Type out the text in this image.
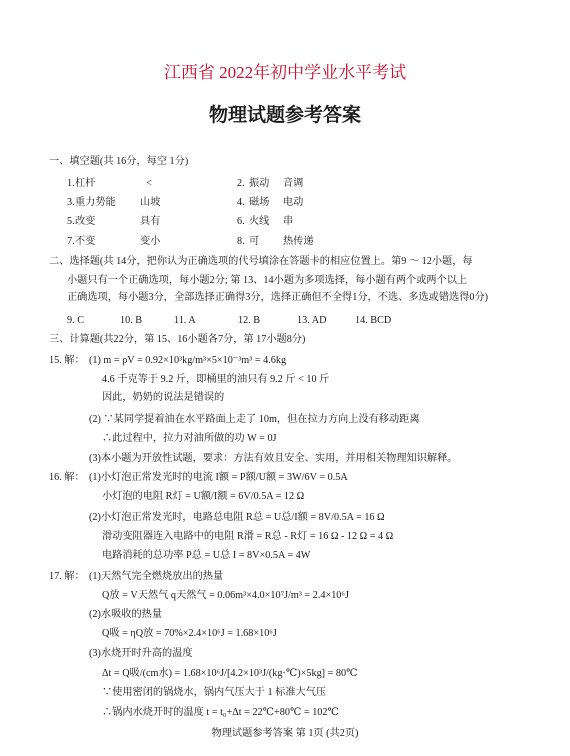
江西省 2022年初中学业水平考试
物理试题参考答案
一、填空题(共 16分，每空 1分)
1. 杠杆	<	2. 振动 音调
3. 重力势能 山坡	4. 磁场 电动
5. 改变	具有	6. 火线 串
7. 不变	变小	8. 可 热传递
二、选择题(共 14分，把你认为正确选项的代号填涂在答题卡的相应位置上。第9 ～ 12小题，每
小题只有一个正确选项，每小题2分; 第 13、14小题为多项选择，每小题有两个或两个以上
正确选项，每小题3分，全部选择正确得3分，选择正确但不全得1分，不选、多选或错选得0分)
9. C	10. B	11. A	12. B	13. AD	14. BCD
三、计算题(共22分，第 15、16小题各7分，第 17小题8分)
15. 解： (1) m = ρV = 0.92×10³kg/m³×5×10⁻³m³ = 4.6kg
4.6 千克等于 9.2 斤，即桶里的油只有 9.2 斤 < 10 斤
因此，奶奶的说法是错误的
(2) ∵某同学提着油在水平路面上走了 10m，但在拉力方向上没有移动距离
∴此过程中，拉力对油所做的功 W = 0J
(3)本小题为开放性试题，要求：方法有效且安全、实用，并用相关物理知识解释。
16. 解： (1)小灯泡正常发光时的电流 I额 = P额/U额 = 3W/6V = 0.5A
小灯泡的电阻 R灯 = U额/I额 = 6V/0.5A = 12 Ω
(2)小灯泡正常发光时，电路总电阻 R总 = U总/I额 = 8V/0.5A = 16 Ω
滑动变阻器连入电路中的电阻 R滑 = R总 - R灯 = 16 Ω - 12 Ω = 4 Ω
电路消耗的总功率 P总 = U总 I = 8V×0.5A = 4W
17. 解： (1)天然气完全燃烧放出的热量
Q放 = V天然气 q天然气 = 0.06m³×4.0×10⁷J/m³ = 2.4×10⁶J
(2)水吸收的热量
Q吸 = ηQ放 = 70%×2.4×10⁶J = 1.68×10⁶J
(3)水烧开时升高的温度
Δt = Q吸/(cm水) = 1.68×10⁶J/[4.2×10³J/(kg·℃)×5kg] = 80℃
∵使用密闭的锅烧水，锅内气压大于 1 标准大气压
∴锅内水烧开时的温度 t = t₀+Δt = 22℃+80℃ = 102℃
物理试题参考答案 第 1页 (共2页)
